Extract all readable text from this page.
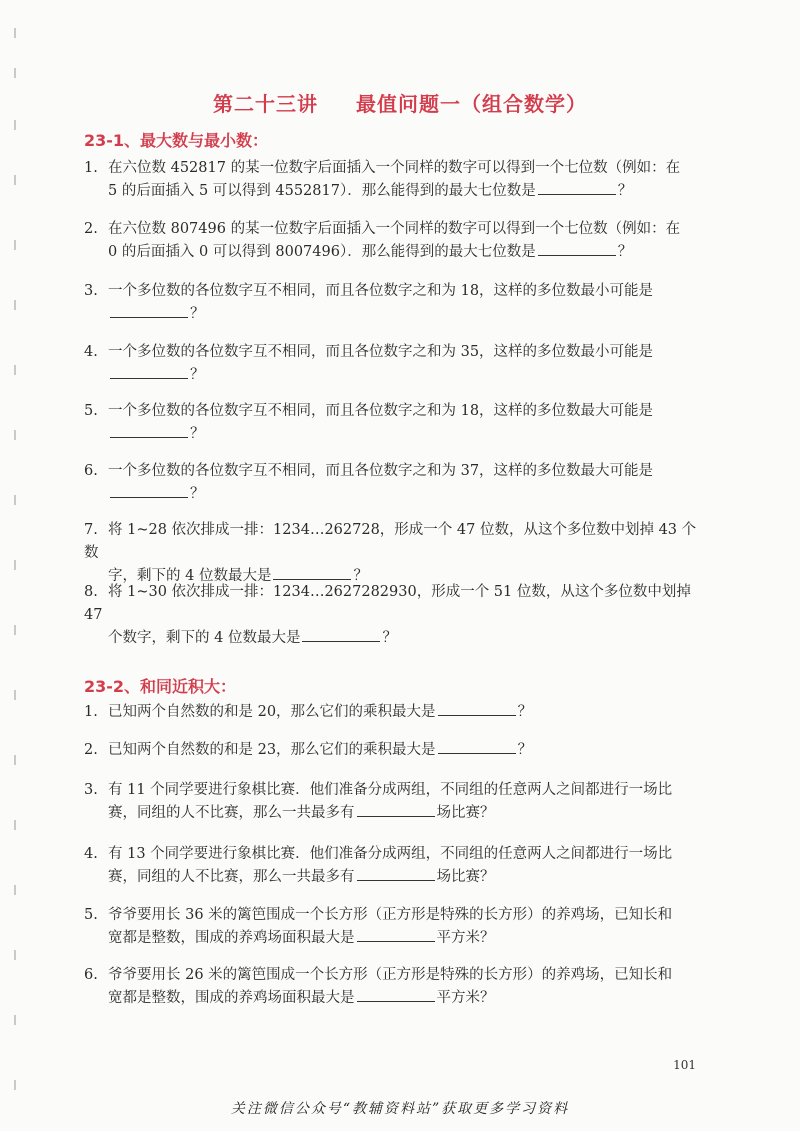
第二十三讲 最值问题一（组合数学）
23-1、最大数与最小数：
1. 在六位数 452817 的某一位数字后面插入一个同样的数字可以得到一个七位数（例如：在
5 的后面插入 5 可以得到 4552817）．那么能得到的最大七位数是	？
2. 在六位数 807496 的某一位数字后面插入一个同样的数字可以得到一个七位数（例如：在
0 的后面插入 0 可以得到 8007496）．那么能得到的最大七位数是	？
3. 一个多位数的各位数字互不相同，而且各位数字之和为 18，这样的多位数最小可能是
？
4. 一个多位数的各位数字互不相同，而且各位数字之和为 35，这样的多位数最小可能是
？
5. 一个多位数的各位数字互不相同，而且各位数字之和为 18，这样的多位数最大可能是
？
6. 一个多位数的各位数字互不相同，而且各位数字之和为 37，这样的多位数最大可能是
？
7. 将 1~28 依次排成一排：1234…262728，形成一个 47 位数，从这个多位数中划掉 43 个数
字，剩下的 4 位数最大是	？
8. 将 1~30 依次排成一排：1234…2627282930，形成一个 51 位数，从这个多位数中划掉 47
个数字，剩下的 4 位数最大是	？
23-2、和同近积大：
1. 已知两个自然数的和是 20，那么它们的乘积最大是	？
2. 已知两个自然数的和是 23，那么它们的乘积最大是	？
3. 有 11 个同学要进行象棋比赛．他们准备分成两组，不同组的任意两人之间都进行一场比
赛，同组的人不比赛，那么一共最多有	场比赛？
4. 有 13 个同学要进行象棋比赛．他们准备分成两组，不同组的任意两人之间都进行一场比
赛，同组的人不比赛，那么一共最多有	场比赛？
5. 爷爷要用长 36 米的篱笆围成一个长方形（正方形是特殊的长方形）的养鸡场，已知长和
宽都是整数，围成的养鸡场面积最大是	平方米？
6. 爷爷要用长 26 米的篱笆围成一个长方形（正方形是特殊的长方形）的养鸡场，已知长和
宽都是整数，围成的养鸡场面积最大是	平方米？
101
关注微信公众号“教辅资料站”获取更多学习资料
